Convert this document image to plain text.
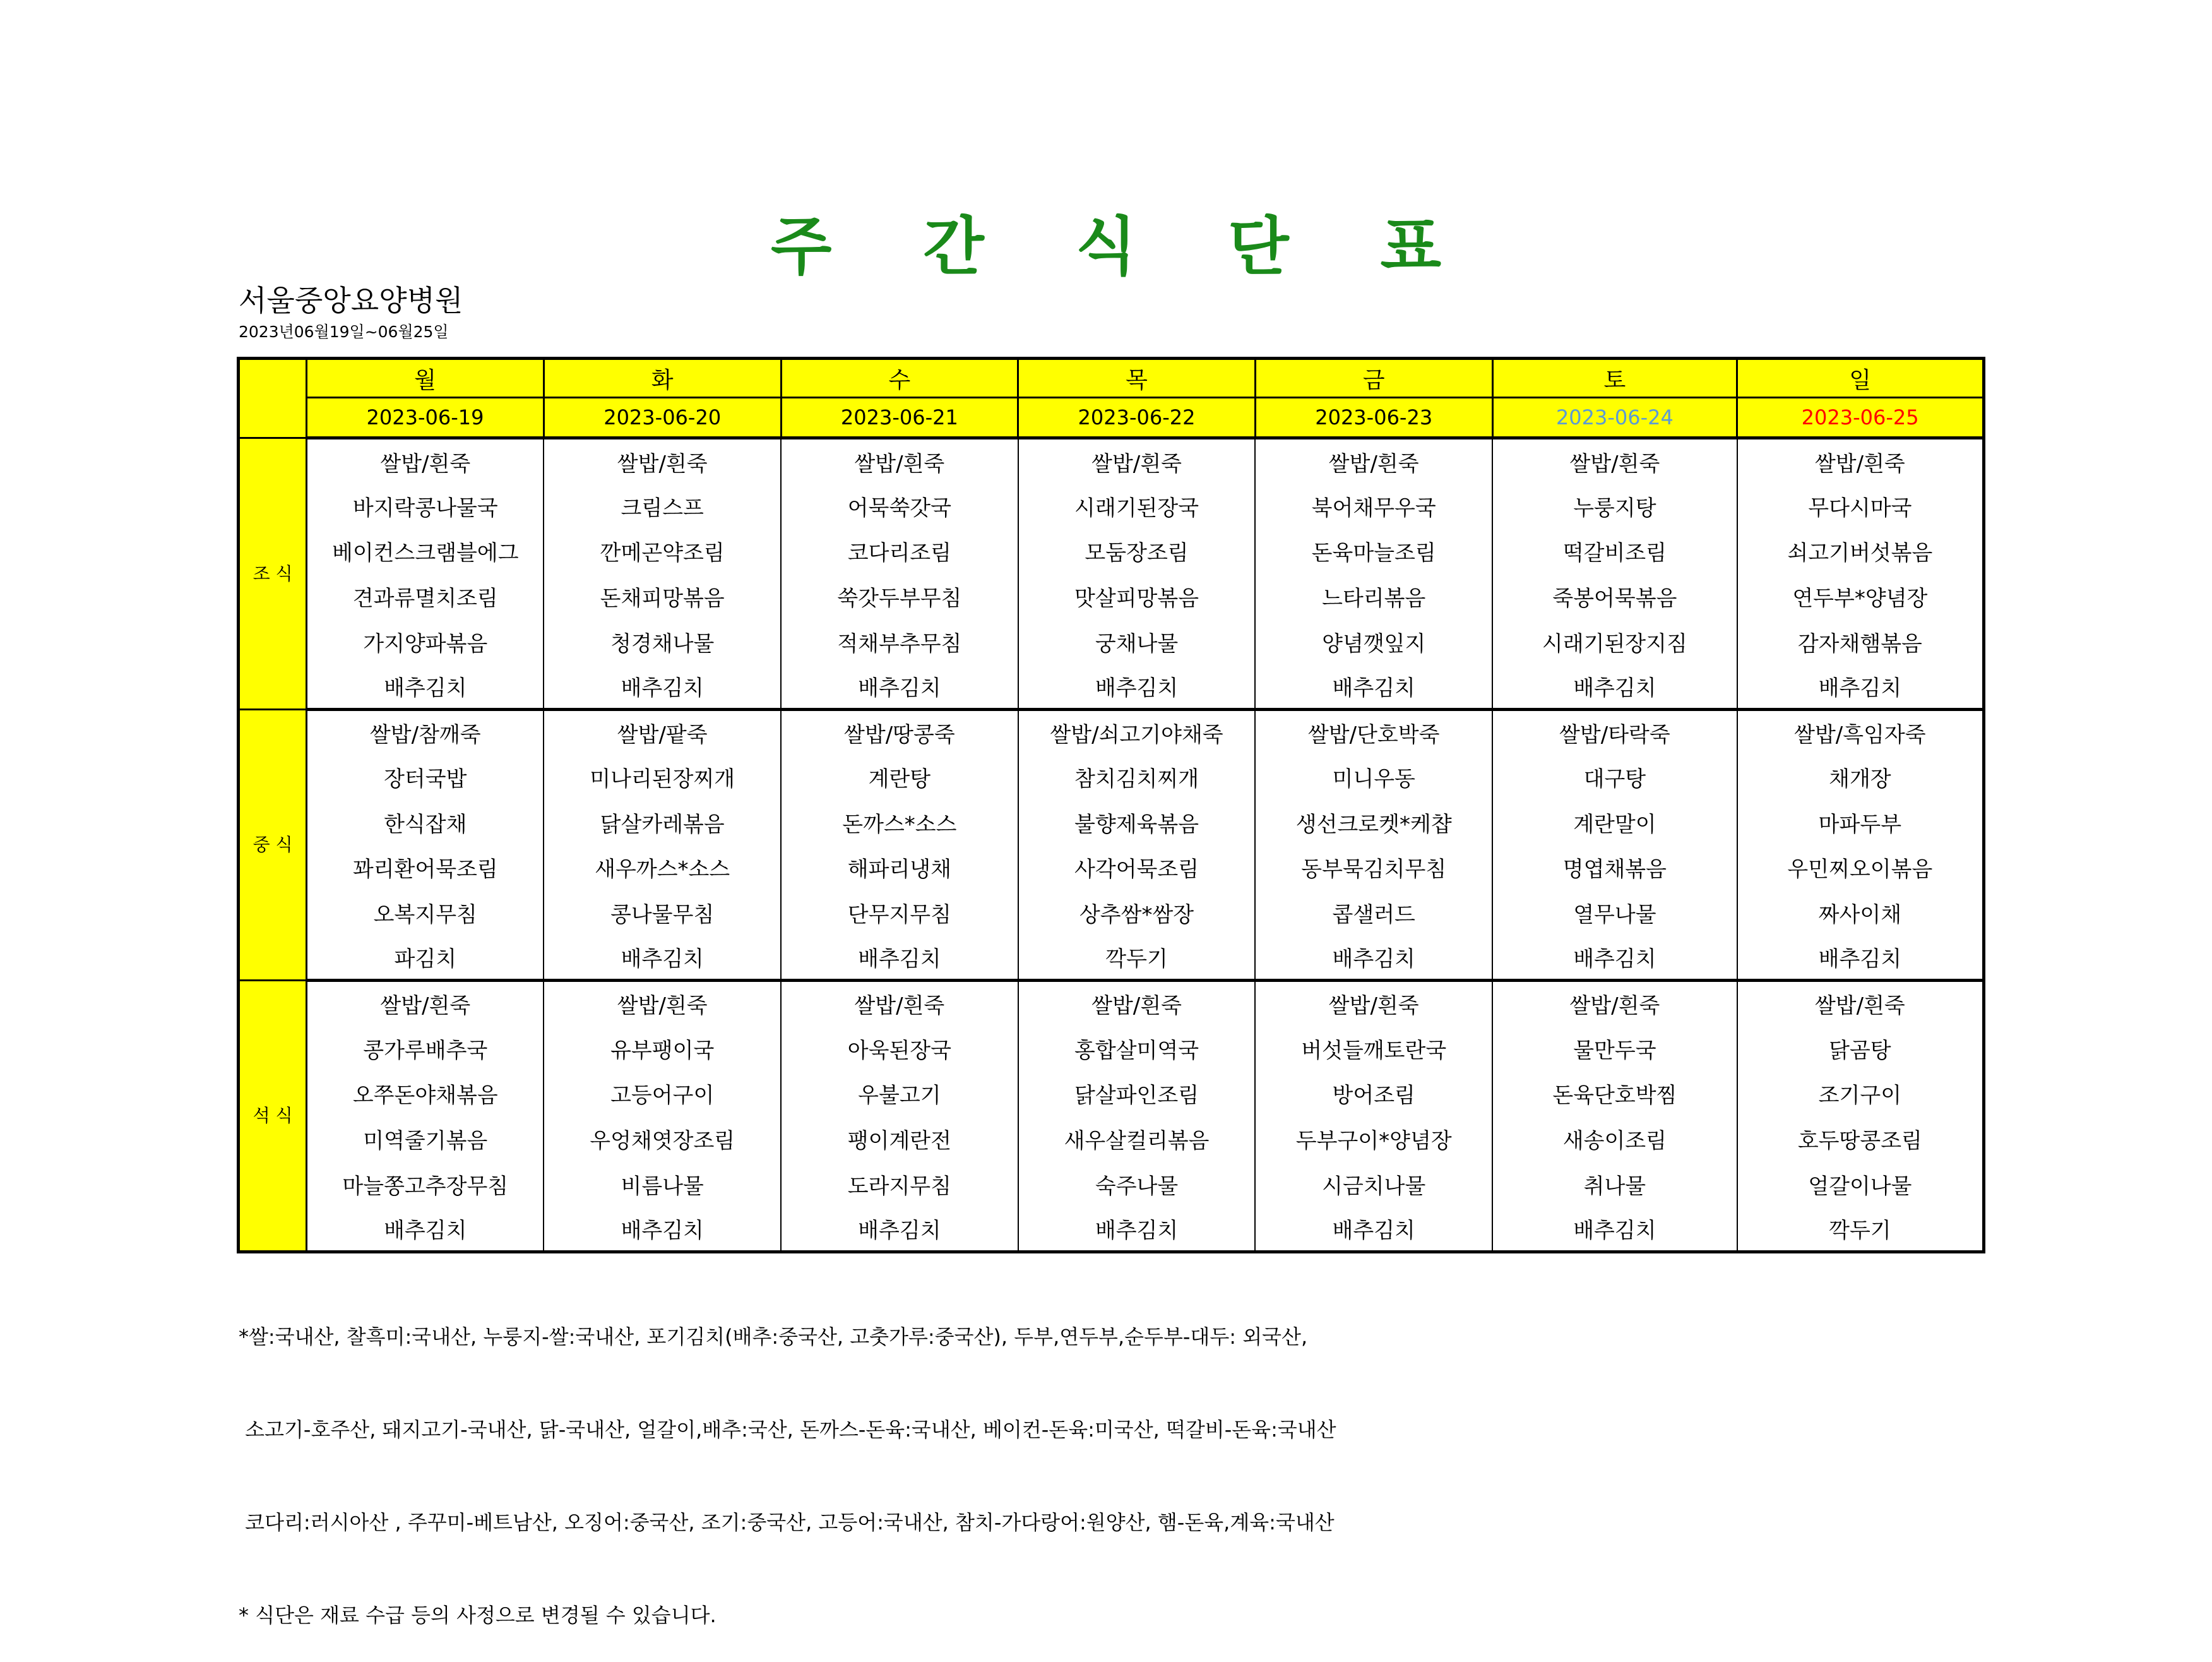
주 간 식 단 표
서울중앙요양병원
2023년06월19일~06월25일
	월	화	수	목	금	토	일
	2023-06-19	2023-06-20	2023-06-21	2023-06-22	2023-06-23	2023-06-24	2023-06-25
조 식	쌀밥/흰죽	쌀밥/흰죽	쌀밥/흰죽	쌀밥/흰죽	쌀밥/흰죽	쌀밥/흰죽	쌀밥/흰죽
	바지락콩나물국	크림스프	어묵쑥갓국	시래기된장국	북어채무우국	누룽지탕	무다시마국
	베이컨스크램블에그	깐메곤약조림	코다리조림	모둠장조림	돈육마늘조림	떡갈비조림	쇠고기버섯볶음
	견과류멸치조림	돈채피망볶음	쑥갓두부무침	맛살피망볶음	느타리볶음	죽봉어묵볶음	연두부*양념장
	가지양파볶음	청경채나물	적채부추무침	궁채나물	양념깻잎지	시래기된장지짐	감자채햄볶음
	배추김치	배추김치	배추김치	배추김치	배추김치	배추김치	배추김치
중 식	쌀밥/참깨죽	쌀밥/팥죽	쌀밥/땅콩죽	쌀밥/쇠고기야채죽	쌀밥/단호박죽	쌀밥/타락죽	쌀밥/흑임자죽
	장터국밥	미나리된장찌개	계란탕	참치김치찌개	미니우동	대구탕	채개장
	한식잡채	닭살카레볶음	돈까스*소스	불향제육볶음	생선크로켓*케챱	계란말이	마파두부
	꽈리환어묵조림	새우까스*소스	해파리냉채	사각어묵조림	동부묵김치무침	명엽채볶음	우민찌오이볶음
	오복지무침	콩나물무침	단무지무침	상추쌈*쌈장	콥샐러드	열무나물	짜사이채
	파김치	배추김치	배추김치	깍두기	배추김치	배추김치	배추김치
석 식	쌀밥/흰죽	쌀밥/흰죽	쌀밥/흰죽	쌀밥/흰죽	쌀밥/흰죽	쌀밥/흰죽	쌀밥/흰죽
	콩가루배추국	유부팽이국	아욱된장국	홍합살미역국	버섯들깨토란국	물만두국	닭곰탕
	오쭈돈야채볶음	고등어구이	우불고기	닭살파인조림	방어조림	돈육단호박찜	조기구이
	미역줄기볶음	우엉채엿장조림	팽이계란전	새우살컬리볶음	두부구이*양념장	새송이조림	호두땅콩조림
	마늘쫑고추장무침	비름나물	도라지무침	숙주나물	시금치나물	취나물	얼갈이나물
	배추김치	배추김치	배추김치	배추김치	배추김치	배추김치	깍두기

*쌀:국내산, 찰흑미:국내산, 누룽지-쌀:국내산, 포기김치(배추:중국산, 고춧가루:중국산), 두부,연두부,순두부-대두: 외국산,

소고기-호주산, 돼지고기-국내산, 닭-국내산, 얼갈이,배추:국산, 돈까스-돈육:국내산, 베이컨-돈육:미국산, 떡갈비-돈육:국내산

코다리:러시아산 , 주꾸미-베트남산, 오징어:중국산, 조기:중국산, 고등어:국내산, 참치-가다랑어:원양산, 햄-돈육,계육:국내산

* 식단은 재료 수급 등의 사정으로 변경될 수 있습니다.
